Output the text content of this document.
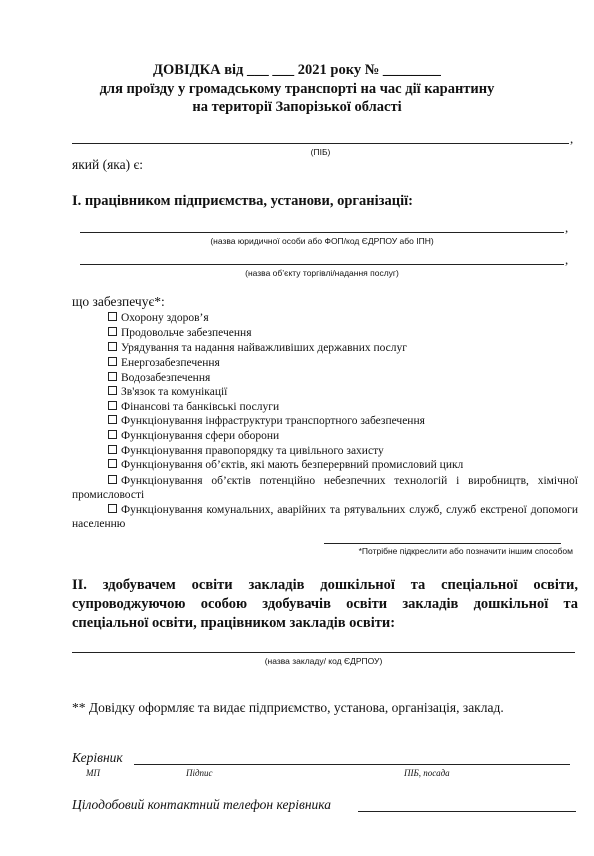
ДОВІДКА від ___ ___ 2021 року № ________
для проїзду у громадському транспорті на час дії карантину
на території Запорізької області
,
(ПІБ)
який (яка) є:
I. працівником підприємства, установи, організації:
,
(назва юридичної особи або ФОП/код ЄДРПОУ або ІПН)
,
(назва об’єкту торгівлі/надання послуг)
що забезпечує*:
Охорону здоров’я
Продовольче забезпечення
Урядування та надання найважливіших державних послуг
Енергозабезпечення
Водозабезпечення
Зв'язок та комунікації
Фінансові та банківські послуги
Функціонування інфраструктури транспортного забезпечення
Функціонування сфери оборони
Функціонування правопорядку та цивільного захисту
Функціонування об’єктів, які мають безперервний промисловий цикл
Функціонування об’єктів потенційно небезпечних технологій і виробництв, хімічної промисловості
Функціонування комунальних, аварійних та рятувальних служб, служб екстреної допомоги населенню
*Потрібне підкреслити або позначити іншим способом
II. здобувачем освіти закладів дошкільної та спеціальної освіти, супроводжуючою особою здобувачів освіти закладів дошкільної та спеціальної освіти, працівником закладів освіти:
(назва закладу/ код ЄДРПОУ)
** Довідку оформляє та видає підприємство, установа, організація, заклад.
Керівник
МП	Підпис	ПІБ, посада
Цілодобовий контактний телефон керівника
